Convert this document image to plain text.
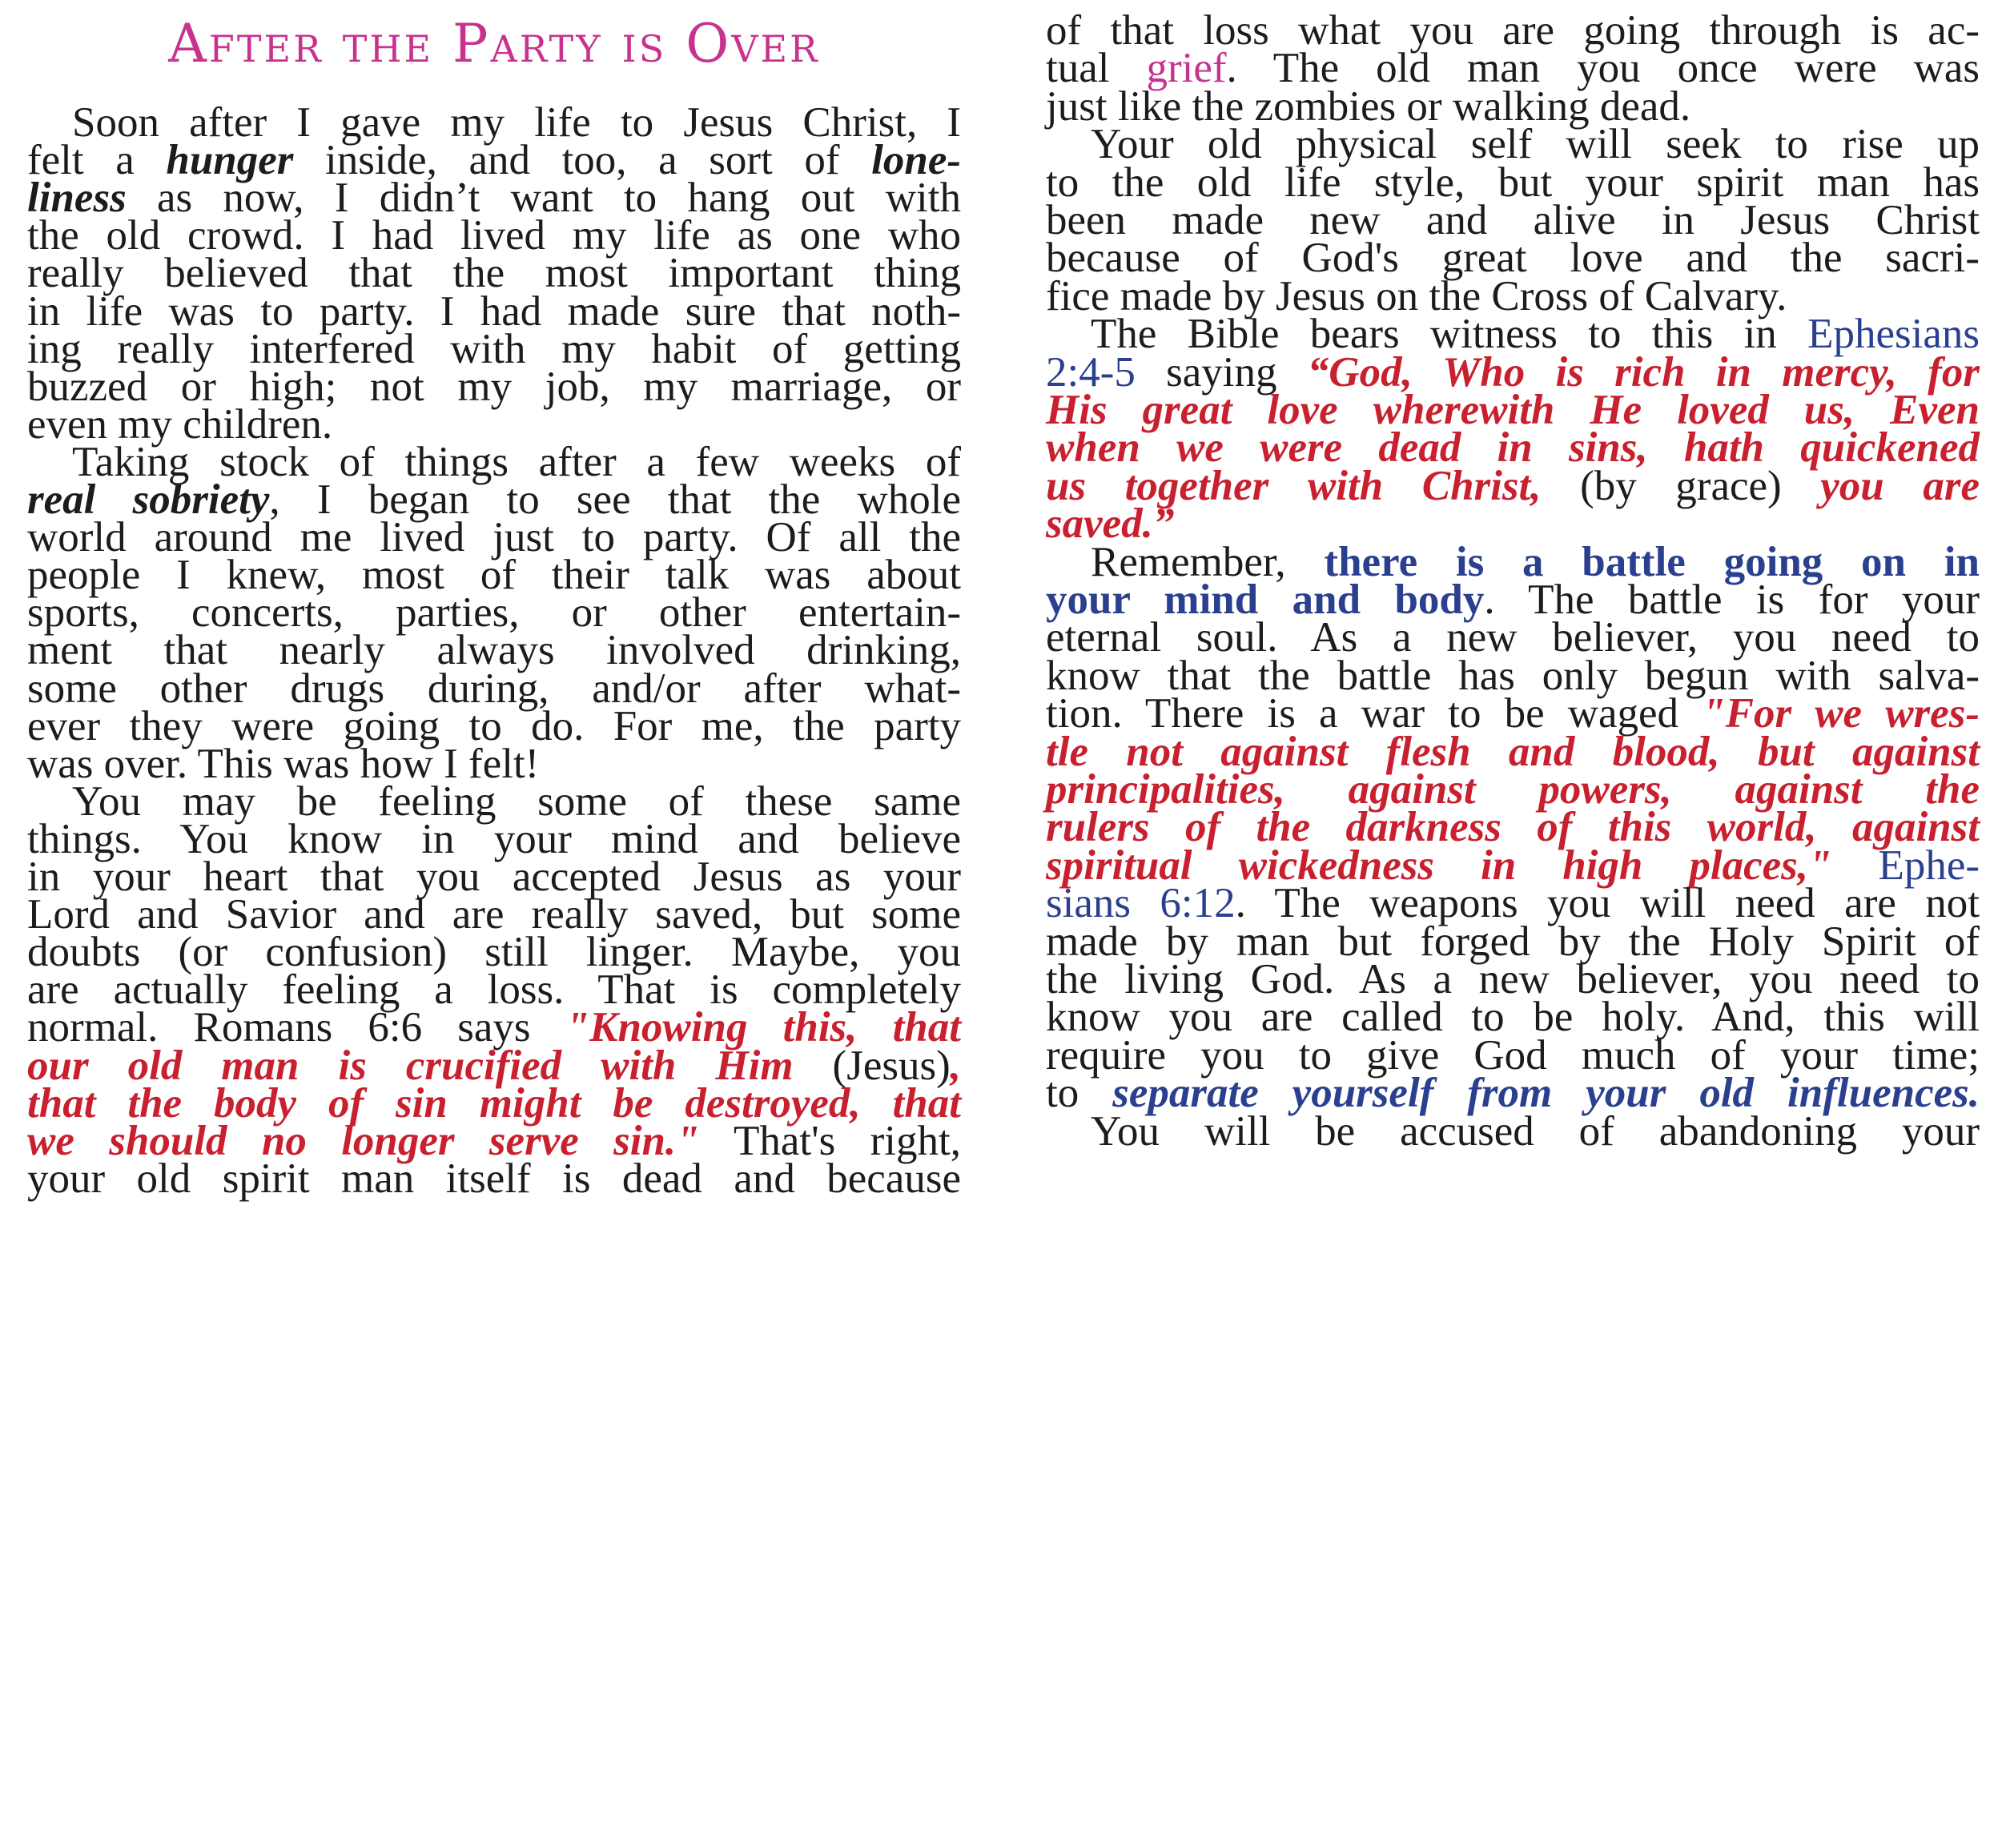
After the Party is Over
Soon after I gave my life to Jesus Christ, I
felt a hunger inside, and too, a sort of lone-
liness as now, I didn’t want to hang out with
the old crowd. I had lived my life as one who
really believed that the most important thing
in life was to party. I had made sure that noth-
ing really interfered with my habit of getting
buzzed or high; not my job, my marriage, or
even my children.
Taking stock of things after a few weeks of
real sobriety, I began to see that the whole
world around me lived just to party. Of all the
people I knew, most of their talk was about
sports, concerts, parties, or other entertain-
ment that nearly always involved drinking,
some other drugs during, and/or after what-
ever they were going to do. For me, the party
was over. This was how I felt!
You may be feeling some of these same
things. You know in your mind and believe
in your heart that you accepted Jesus as your
Lord and Savior and are really saved, but some
doubts (or confusion) still linger. Maybe, you
are actually feeling a loss. That is completely
normal. Romans 6:6 says "Knowing this, that
our old man is crucified with Him (Jesus),
that the body of sin might be destroyed, that
we should no longer serve sin." That's right,
your old spirit man itself is dead and because
of that loss what you are going through is ac-
tual grief. The old man you once were was
just like the zombies or walking dead.
Your old physical self will seek to rise up
to the old life style, but your spirit man has
been made new and alive in Jesus Christ
because of God's great love and the sacri-
fice made by Jesus on the Cross of Calvary.
The Bible bears witness to this in Ephesians
2:4-5 saying “God, Who is rich in mercy, for
His great love wherewith He loved us, Even
when we were dead in sins, hath quickened
us together with Christ, (by grace) you are
saved.”
Remember, there is a battle going on in
your mind and body. The battle is for your
eternal soul. As a new believer, you need to
know that the battle has only begun with salva-
tion. There is a war to be waged "For we wres-
tle not against flesh and blood, but against
principalities, against powers, against the
rulers of the darkness of this world, against
spiritual wickedness in high places," Ephe-
sians 6:12. The weapons you will need are not
made by man but forged by the Holy Spirit of
the living God. As a new believer, you need to
know you are called to be holy. And, this will
require you to give God much of your time;
to separate yourself from your old influences.
You will be accused of abandoning your
